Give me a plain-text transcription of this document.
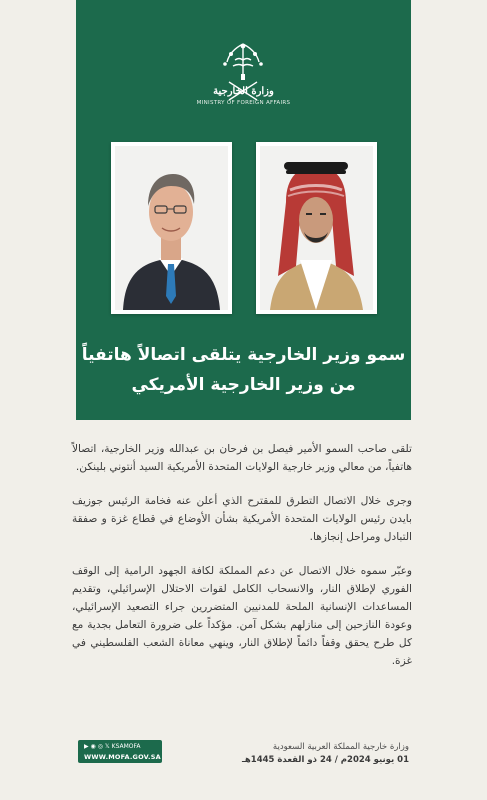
وزارة الخارجية
MINISTRY OF FOREIGN AFFAIRS
سمو وزير الخارجية يتلقى اتصالاً هاتفياً
من وزير الخارجية الأمريكي

تلقى صاحب السمو الأمير فيصل بن فرحان بن عبدالله وزير الخارجية، اتصالاً هاتفياً، من معالي وزير خارجية الولايات المتحدة الأمريكية السيد أنتوني بلينكن.

وجرى خلال الاتصال التطرق للمقترح الذي أعلن عنه فخامة الرئيس جوزيف بايدن رئيس الولايات المتحدة الأمريكية بشأن الأوضاع في قطاع غزة و صفقة التبادل ومراحل إنجازها.

وعبّر سموه خلال الاتصال عن دعم المملكة لكافة الجهود الرامية إلى الوقف الفوري لإطلاق النار، والانسحاب الكامل لقوات الاحتلال الإسرائيلي، وتقديم المساعدات الإنسانية الملحة للمدنيين المتضررين جراء التصعيد الإسرائيلي، وعودة النازحين إلى منازلهم بشكل آمن. مؤكداً على ضرورة التعامل بجدية مع كل طرح يحقق وقفاً دائماً لإطلاق النار، وينهي معاناة الشعب الفلسطيني في غزة.

▶ ◉ ◎ 𝕏 KSAMOFA
WWW.MOFA.GOV.SA
وزارة خارجية المملكة العربية السعودية
01 يونيو 2024م / 24 ذو القعدة 1445هـ
